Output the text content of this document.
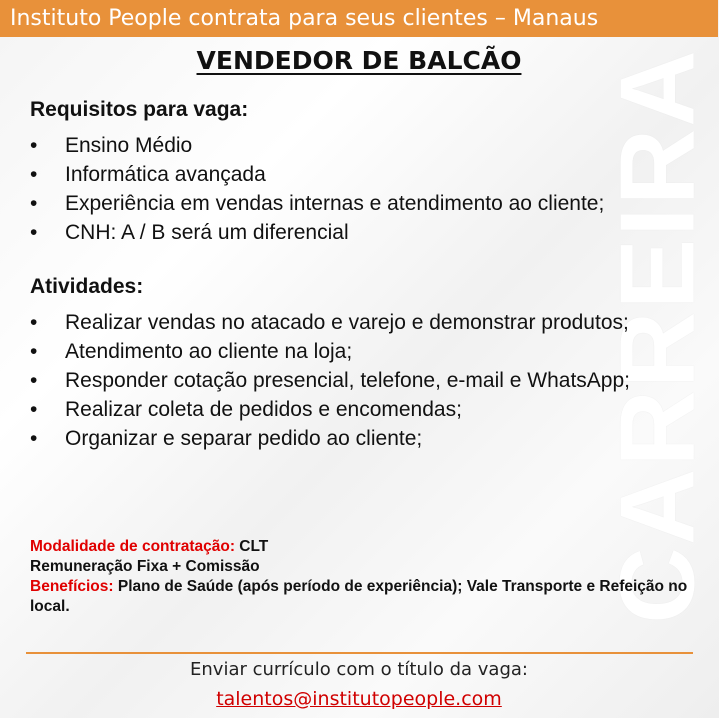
Instituto People contrata para seus clientes – Manaus
CARREIRA
VENDEDOR DE BALCÃO
Requisitos para vaga:
• Ensino Médio
• Informática avançada
• Experiência em vendas internas e atendimento ao cliente;
• CNH: A / B será um diferencial
Atividades:
• Realizar vendas no atacado e varejo e demonstrar produtos;
• Atendimento ao cliente na loja;
• Responder cotação presencial, telefone, e-mail e WhatsApp;
• Realizar coleta de pedidos e encomendas;
• Organizar e separar pedido ao cliente;
Modalidade de contratação: CLT
Remuneração Fixa + Comissão
Benefícios: Plano de Saúde (após período de experiência); Vale Transporte e Refeição no local.
Enviar currículo com o título da vaga:
talentos@institutopeople.com
